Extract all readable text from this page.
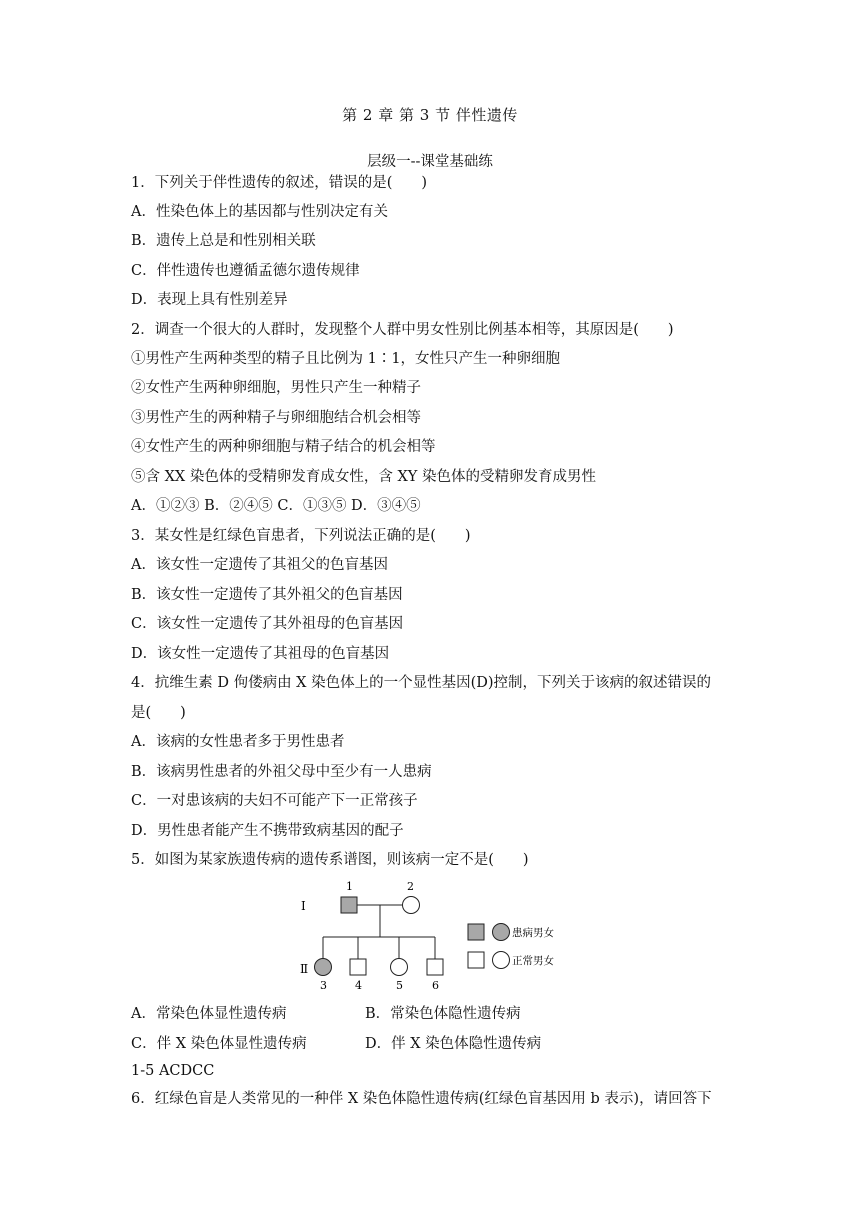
第 2 章 第 3 节 伴性遗传
层级一--课堂基础练
1．下列关于伴性遗传的叙述，错误的是(　　)
A．性染色体上的基因都与性别决定有关
B．遗传上总是和性别相关联
C．伴性遗传也遵循孟德尔遗传规律
D．表现上具有性别差异
2．调查一个很大的人群时，发现整个人群中男女性别比例基本相等，其原因是(　　)
①男性产生两种类型的精子且比例为 1∶1，女性只产生一种卵细胞
②女性产生两种卵细胞，男性只产生一种精子
③男性产生的两种精子与卵细胞结合机会相等
④女性产生的两种卵细胞与精子结合的机会相等
⑤含 XX 染色体的受精卵发育成女性，含 XY 染色体的受精卵发育成男性
A．①②③ B．②④⑤ C．①③⑤ D．③④⑤
3．某女性是红绿色盲患者，下列说法正确的是(　　)
A．该女性一定遗传了其祖父的色盲基因
B．该女性一定遗传了其外祖父的色盲基因
C．该女性一定遗传了其外祖母的色盲基因
D．该女性一定遗传了其祖母的色盲基因
4．抗维生素 D 佝偻病由 X 染色体上的一个显性基因(D)控制，下列关于该病的叙述错误的
是(　　)
A．该病的女性患者多于男性患者
B．该病男性患者的外祖父母中至少有一人患病
C．一对患该病的夫妇不可能产下一正常孩子
D．男性患者能产生不携带致病基因的配子
5．如图为某家族遗传病的遗传系谱图，则该病一定不是(　　)
Ⅰ
Ⅱ
1	2
3	4	5	6
患病男女
正常男女
A．常染色体显性遗传病	B．常染色体隐性遗传病
C．伴 X 染色体显性遗传病	D．伴 X 染色体隐性遗传病
1-5 ACDCC
6．红绿色盲是人类常见的一种伴 X 染色体隐性遗传病(红绿色盲基因用 b 表示)，请回答下
